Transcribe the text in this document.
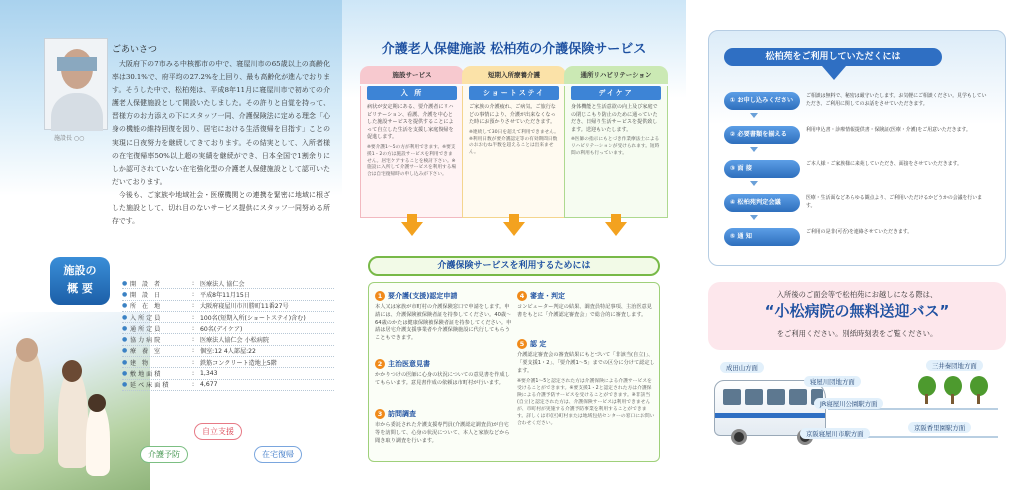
施設長 ○○
ごあいさつ

大阪府下の7市みる中核都市の中で、寝屋川市の65歳以上の高齢化率は30.1%で、府平均の27.2%を上回り、最も高齢化が進んでおります。そうした中で、松柏苑は、平成8年11月に寝屋川市で初めての介護老人保健施設として開設いたしました。その許りと自覚を持って、晋様方のお力添えの下にスタッフ一同、介護保険法に定める理念「心身の機能の維持回復を図り、居宅における生活復帰を目指す」ことの実現に日夜努力を継続してきております。その結実として、入所者様の在宅復帰率50%以上超の実績を継続ができ、日本全国で1割余りにしか認可されていない在宅強化型の介護老人保健施設として認可いただいております。

今後も、ご家族や地域社会・医療機関との連携を緊密に地域に根ざした施設として、切れ目のないサービス提供にスタッフ一同努める所存です。

施設の
概 要	● 開 設 者	: 医療法人 協仁会
● 開 設 日	: 平成8年11月15日
● 所 在 地	: 大阪府寝屋川市川勝町11番27号
● 入所定員	: 100名(短期入所(ショートステイ)含む)
● 通所定員	: 60名(デイケア)
● 協力病院	: 医療法人協仁会 小松病院
● 療 養 室	: 個室:12 4人部屋:22
● 建 物	: 鉄筋コンクリート造地上5階
● 敷地面積	: 1,343
● 延べ床面積	: 4,677
自立支援
介護予防	在宅復帰
介護老人保健施設 松柏苑の介護保険サービス
施設サービス
入 所
病状が安定期にある、要介護者にリハビリテーション、看護、介護を中心とした施設サービスを提供することによって自立した生活を支援し家庭復帰を促進します。
※要介護1〜5の方が利用できます。※要支援1・2の方は施設サービスを利用できません。居宅ケアすることを検討下さい。※施設に入所して介護サービスを利用する場合は自宅復帰時の申し込みが下さい。
短期入所療養介護
ショートステイ
ご家族の介護疲れ、ご病気、ご旅行などの事情により、介護が出来なくなった時にお預かりさせていただきます。
※連続して30日を超えて利用できません。※利用日数が要介護認定等の有効期間日数のおおむね半数を超えることは出来ません。
通所リハビリテーション
デイケア
身体機能と生活意欲の向上及び家庭での閉じこもり防止のために通っていただき、日帰り生活サービスを提供致します。送迎もいたします。
※医師の指示にもとづき作業療法士によるリハビリテーションが受けられます。短時間の利用も行っています。
介護保険サービスを利用するためには
1 要介護(支援)認定申請
本人又は家族が市町村の介護保険窓口で申請をします。申請には、介護保険被保険者証を持参してください。40歳〜64歳のかたは健康保険被保険者証を持参してください。申請は居宅介護支援事業者や介護保険施設に代行してもらうこともできます。
2 主治医意見書
かかりつけの医師に心身の状況についての意見書を作成してもらいます。意見書作成の依頼は市町村が行います。
3 訪問調査
市から委託された介護支援専門員(介護認定調査員)が自宅等を訪問して、心身の状況について、本人と家族などから聞き取り調査を行います。
4 審査・判定
コンピューター判定の結果、調査員特記事項、主治医意見書をもとに「介護認定審査会」で総合的に審査します。
5 認 定
介護認定審査会の審査結果にもとづいて「非該当(自立)」、「要支援1・2」、「要介護1〜5」までの区分に分けて認定します。
※要介護1〜5と認定された方は介護保険による介護サービスを受けることができます。※要支援1・2と認定された方は介護保険による介護予防サービスを受けることができます。※非該当(自立)と認定された方は、介護保険サービスは利用できませんが、市町村が実施する介護予防事業を利用することができます。詳しくは市(区)町村または地域包括センターの窓口にお問い合わせください。
松柏苑をご利用していただくには
① お申し込みください
ご相談は無料で、秘密は厳守いたします。お気軽にご相談ください。見学もしていただき、ご利用に関してのお話をさせていただきます。
② 必要書類を揃える
利用申込書・診療情報提供書・保険証(医療・介護)をご用意いただきます。
③ 面 接
ご本人様・ご家族様に来苑していただき、面接をさせていただきます。
④ 松柏苑判定会議
医療・生活面などあらゆる観点より、ご利用いただけるかどうかの会議を行います。
⑤ 通 知
ご利用の是非(可否)を連絡させていただきます。
入所後のご面会等で松柏苑にお越しになる際は、
“小松病院の無料送迎バス”
をご利用ください。別紙時刻表をご覧ください。
成田山方面
寝屋川団地方面
JR寝屋川公園駅方面
京阪寝屋川市駅方面
三井秦団地方面
京阪香里園駅方面
